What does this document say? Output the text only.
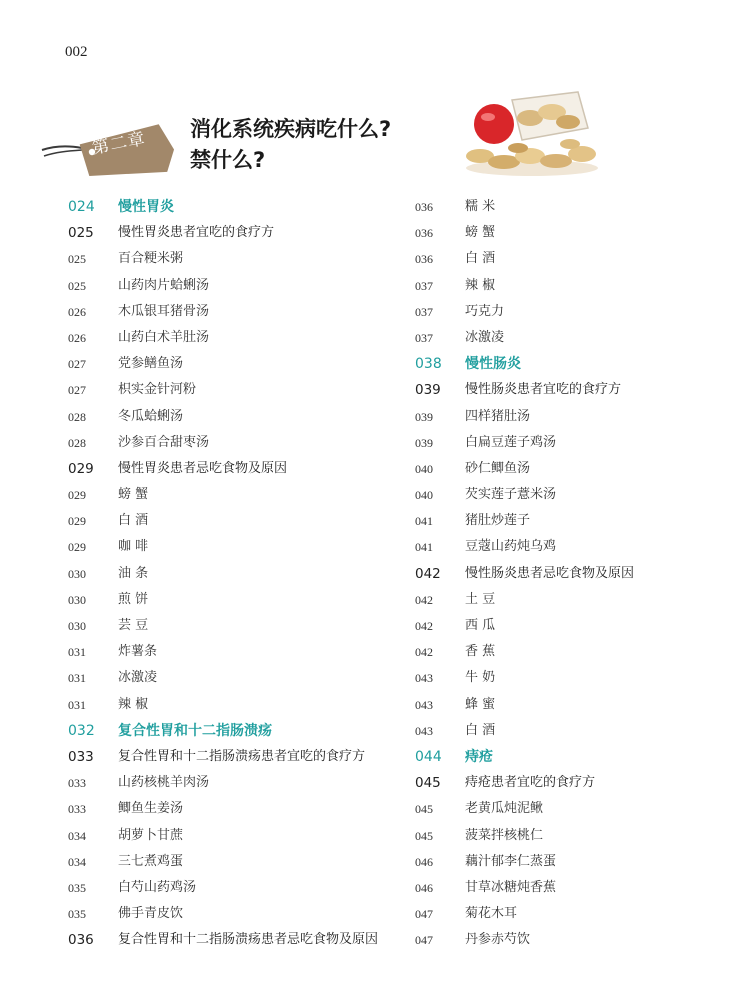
002
第二章 消化系统疾病吃什么?
禁什么?
024 慢性胃炎
025 慢性胃炎患者宜吃的食疗方
025 百合粳米粥
025 山药肉片蛤蜊汤
026 木瓜银耳猪骨汤
026 山药白术羊肚汤
027 党参鳝鱼汤
027 枳实金针河粉
028 冬瓜蛤蜊汤
028 沙参百合甜枣汤
029 慢性胃炎患者忌吃食物及原因
029 螃 蟹
029 白 酒
029 咖 啡
030 油 条
030 煎 饼
030 芸 豆
031 炸薯条
031 冰激凌
031 辣 椒
032 复合性胃和十二指肠溃疡
033 复合性胃和十二指肠溃疡患者宜吃的食疗方
033 山药核桃羊肉汤
033 鲫鱼生姜汤
034 胡萝卜甘蔗
034 三七煮鸡蛋
035 白芍山药鸡汤
035 佛手青皮饮
036 复合性胃和十二指肠溃疡患者忌吃食物及原因
036 糯 米
036 螃 蟹
036 白 酒
037 辣 椒
037 巧克力
037 冰激凌
038 慢性肠炎
039 慢性肠炎患者宜吃的食疗方
039 四样猪肚汤
039 白扁豆莲子鸡汤
040 砂仁鲫鱼汤
040 芡实莲子薏米汤
041 猪肚炒莲子
041 豆蔻山药炖乌鸡
042 慢性肠炎患者忌吃食物及原因
042 土 豆
042 西 瓜
042 香 蕉
043 牛 奶
043 蜂 蜜
043 白 酒
044 痔疮
045 痔疮患者宜吃的食疗方
045 老黄瓜炖泥鳅
045 菠菜拌核桃仁
046 藕汁郁李仁蒸蛋
046 甘草冰糖炖香蕉
047 菊花木耳
047 丹参赤芍饮
